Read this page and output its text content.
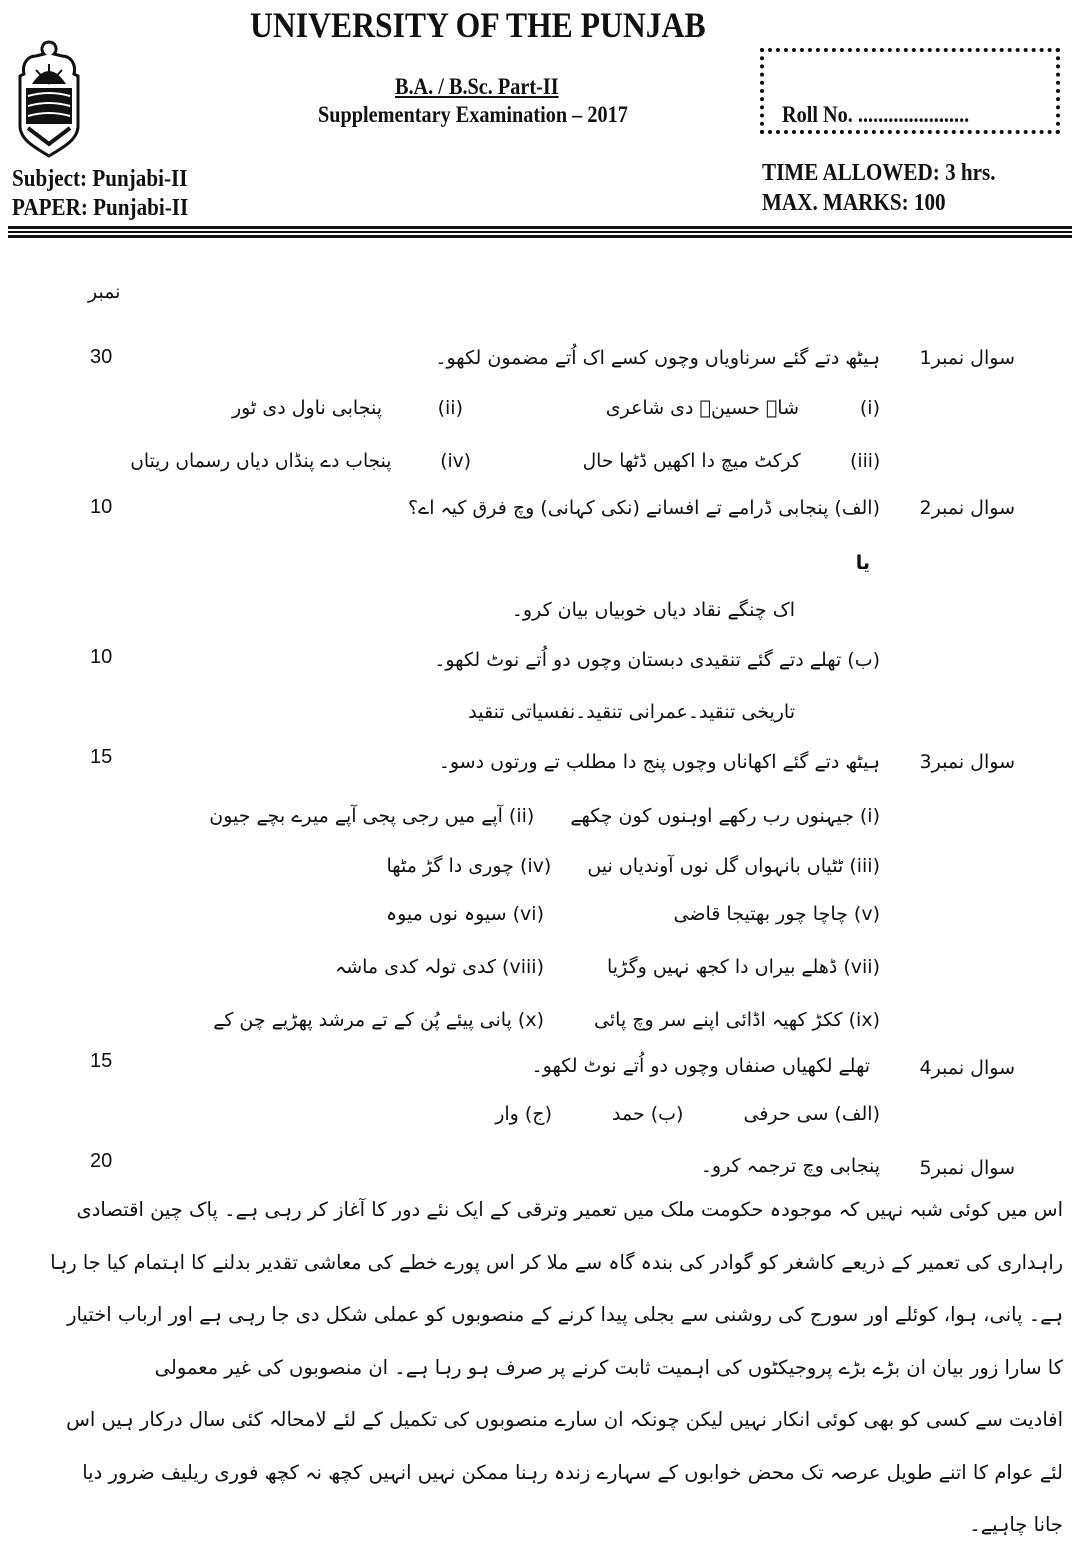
UNIVERSITY OF THE PUNJAB
B.A. / B.Sc. Part-II
Supplementary Examination – 2017	Roll No. ......................
Subject: Punjabi-II
PAPER: Punjabi-II
TIME ALLOWED: 3 hrs.
MAX. MARKS: 100
نمبر
سوال نمبر1
30	ہیٹھ دتے گئے سرناویاں وچوں کسے اک اُتے مضمون لکھو۔
(i)
شاہ حسینؒ دی شاعری
(ii)
پنجابی ناول دی ٹور
(iii)
کرکٹ میچ دا اکھیں ڈٹھا حال
(iv)
پنجاب دے پنڈاں دیاں رسماں ریتاں
سوال نمبر2
10	(الف) پنجابی ڈرامے تے افسانے (نکی کہانی) وچ فرق کیہ اے؟
یا
اک چنگے نقاد دیاں خوبیاں بیان کرو۔
10	(ب) تھلے دتے گئے تنقیدی دبستان وچوں دو اُتے نوٹ لکھو۔
تاریخی تنقید۔عمرانی تنقید۔نفسیاتی تنقید
سوال نمبر3
15	ہیٹھ دتے گئے اکھاناں وچوں پنج دا مطلب تے ورتوں دسو۔
(i) جیہنوں رب رکھے اوہنوں کون چکھے
(ii) آپے میں رجی پجی آپے میرے بچے جیون
(iii) ٹٹیاں بانہواں گل نوں آوندیاں نیں
(iv) چوری دا گڑ مٹھا
(v) چاچا چور بھتیجا قاضی
(vi) سیوہ نوں میوہ
(vii) ڈھلے بیراں دا کجھ نہیں وگڑیا
(viii) کدی تولہ کدی ماشہ
(ix) ککڑ کھیہ اڈائی اپنے سر وچ پائی
(x) پانی پیئے پُن کے تے مرشد پھڑیے چن کے
سوال نمبر4
15	تھلے لکھیاں صنفاں وچوں دو اُتے نوٹ لکھو۔
(الف) سی حرفی
(ب) حمد
(ج) وار
سوال نمبر5
20	پنجابی وچ ترجمہ کرو۔
اس میں کوئی شبہ نہیں کہ موجودہ حکومت ملک میں تعمیر وترقی کے ایک نئے دور کا آغاز کر رہی ہے۔ پاک چین اقتصادی
راہداری کی تعمیر کے ذریعے کاشغر کو گوادر کی بندہ گاہ سے ملا کر اس پورے خطے کی معاشی تقدیر بدلنے کا اہتمام کیا جا رہا
ہے۔ پانی، ہوا، کوئلے اور سورج کی روشنی سے بجلی پیدا کرنے کے منصوبوں کو عملی شکل دی جا رہی ہے اور ارباب اختیار
کا سارا زور بیان ان بڑے بڑے پروجیکٹوں کی اہمیت ثابت کرنے پر صرف ہو رہا ہے۔ ان منصوبوں کی غیر معمولی
افادیت سے کسی کو بھی کوئی انکار نہیں لیکن چونکہ ان سارے منصوبوں کی تکمیل کے لئے لامحالہ کئی سال درکار ہیں اس
لئے عوام کا اتنے طویل عرصہ تک محض خوابوں کے سہارے زندہ رہنا ممکن نہیں انہیں کچھ نہ کچھ فوری ریلیف ضرور دیا
جانا چاہیے۔
